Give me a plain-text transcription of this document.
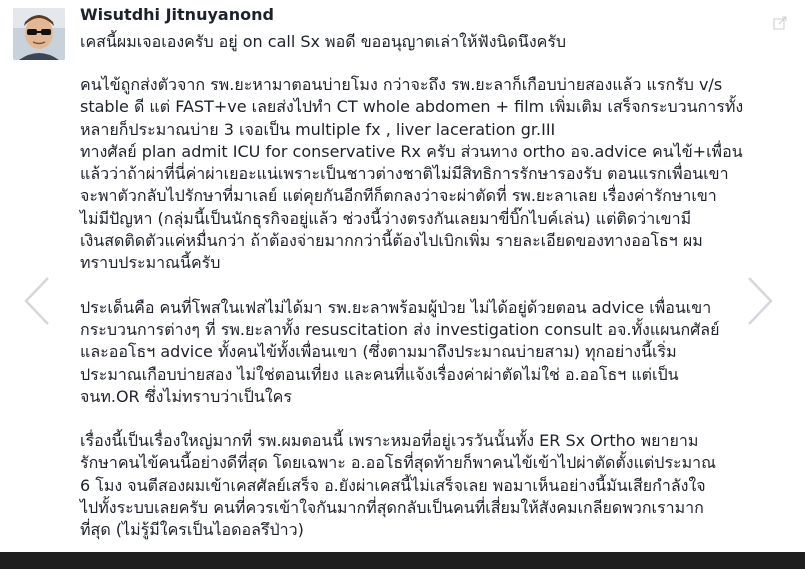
Wisutdhi Jitnuyanond
เคสนี้ผมเจอเองครับ อยู่ on call Sx พอดี ขออนุญาตเล่าให้ฟังนิดนึงครับ

คนไข้ถูกส่งตัวจาก รพ.ยะหามาตอนบ่ายโมง กว่าจะถึง รพ.ยะลาก็เกือบบ่ายสองแล้ว แรกรับ v/s
stable ดี แต่ FAST+ve เลยส่งไปทำ CT whole abdomen + film เพิ่มเติม เสร็จกระบวนการทั้ง
หลายก็ประมาณบ่าย 3 เจอเป็น multiple fx , liver laceration gr.III
ทางศัลย์ plan admit ICU for conservative Rx ครับ ส่วนทาง ortho อจ.advice คนไข้+เพื่อน
แล้วว่าถ้าผ่าที่นี่ค่าผ่าเยอะแน่เพราะเป็นชาวต่างชาติไม่มีสิทธิการรักษารองรับ ตอนแรกเพื่อนเขา
จะพาตัวกลับไปรักษาที่มาเลย์ แต่คุยกันอีกทีก็ตกลงว่าจะผ่าตัดที่ รพ.ยะลาเลย เรื่องค่ารักษาเขา
ไม่มีปัญหา (กลุ่มนี้เป็นนักธุรกิจอยู่แล้ว ช่วงนี้ว่างตรงกันเลยมาขี่บิ๊กไบค์เล่น) แต่ติดว่าเขามี
เงินสดติดตัวแค่หมื่นกว่า ถ้าต้องจ่ายมากกว่านี้ต้องไปเบิกเพิ่ม รายละเอียดของทางออโธฯ ผม
ทราบประมาณนี้ครับ

ประเด็นคือ คนที่โพสในเฟสไม่ได้มา รพ.ยะลาพร้อมผู้ป่วย ไม่ได้อยู่ด้วยตอน advice เพื่อนเขา
กระบวนการต่างๆ ที่ รพ.ยะลาทั้ง resuscitation ส่ง investigation consult อจ.ทั้งแผนกศัลย์
และออโธฯ advice ทั้งคนไข้ทั้งเพื่อนเขา (ซึ่งตามมาถึงประมาณบ่ายสาม) ทุกอย่างนี้เริ่ม
ประมาณเกือบบ่ายสอง ไม่ใช่ตอนเที่ยง และคนที่แจ้งเรื่องค่าผ่าตัดไม่ใช่ อ.ออโธฯ แต่เป็น
จนท.OR ซึ่งไม่ทราบว่าเป็นใคร

เรื่องนี้เป็นเรื่องใหญ่มากที่ รพ.ผมตอนนี้ เพราะหมอที่อยู่เวรวันนั้นทั้ง ER Sx Ortho พยายาม
รักษาคนไข้คนนี้อย่างดีที่สุด โดยเฉพาะ อ.ออโธที่สุดท้ายก็พาคนไข้เข้าไปผ่าตัดตั้งแต่ประมาณ
6 โมง จนตีสองผมเข้าเคสศัลย์เสร็จ อ.ยังผ่าเคสนี้ไม่เสร็จเลย พอมาเห็นอย่างนี้มันเสียกำลังใจ
ไปทั้งระบบเลยครับ คนที่ควรเข้าใจกันมากที่สุดกลับเป็นคนที่เสี่ยมให้สังคมเกลียดพวกเรามาก
ที่สุด (ไม่รู้มีใครเป็นไอดอลรึป่าว)
